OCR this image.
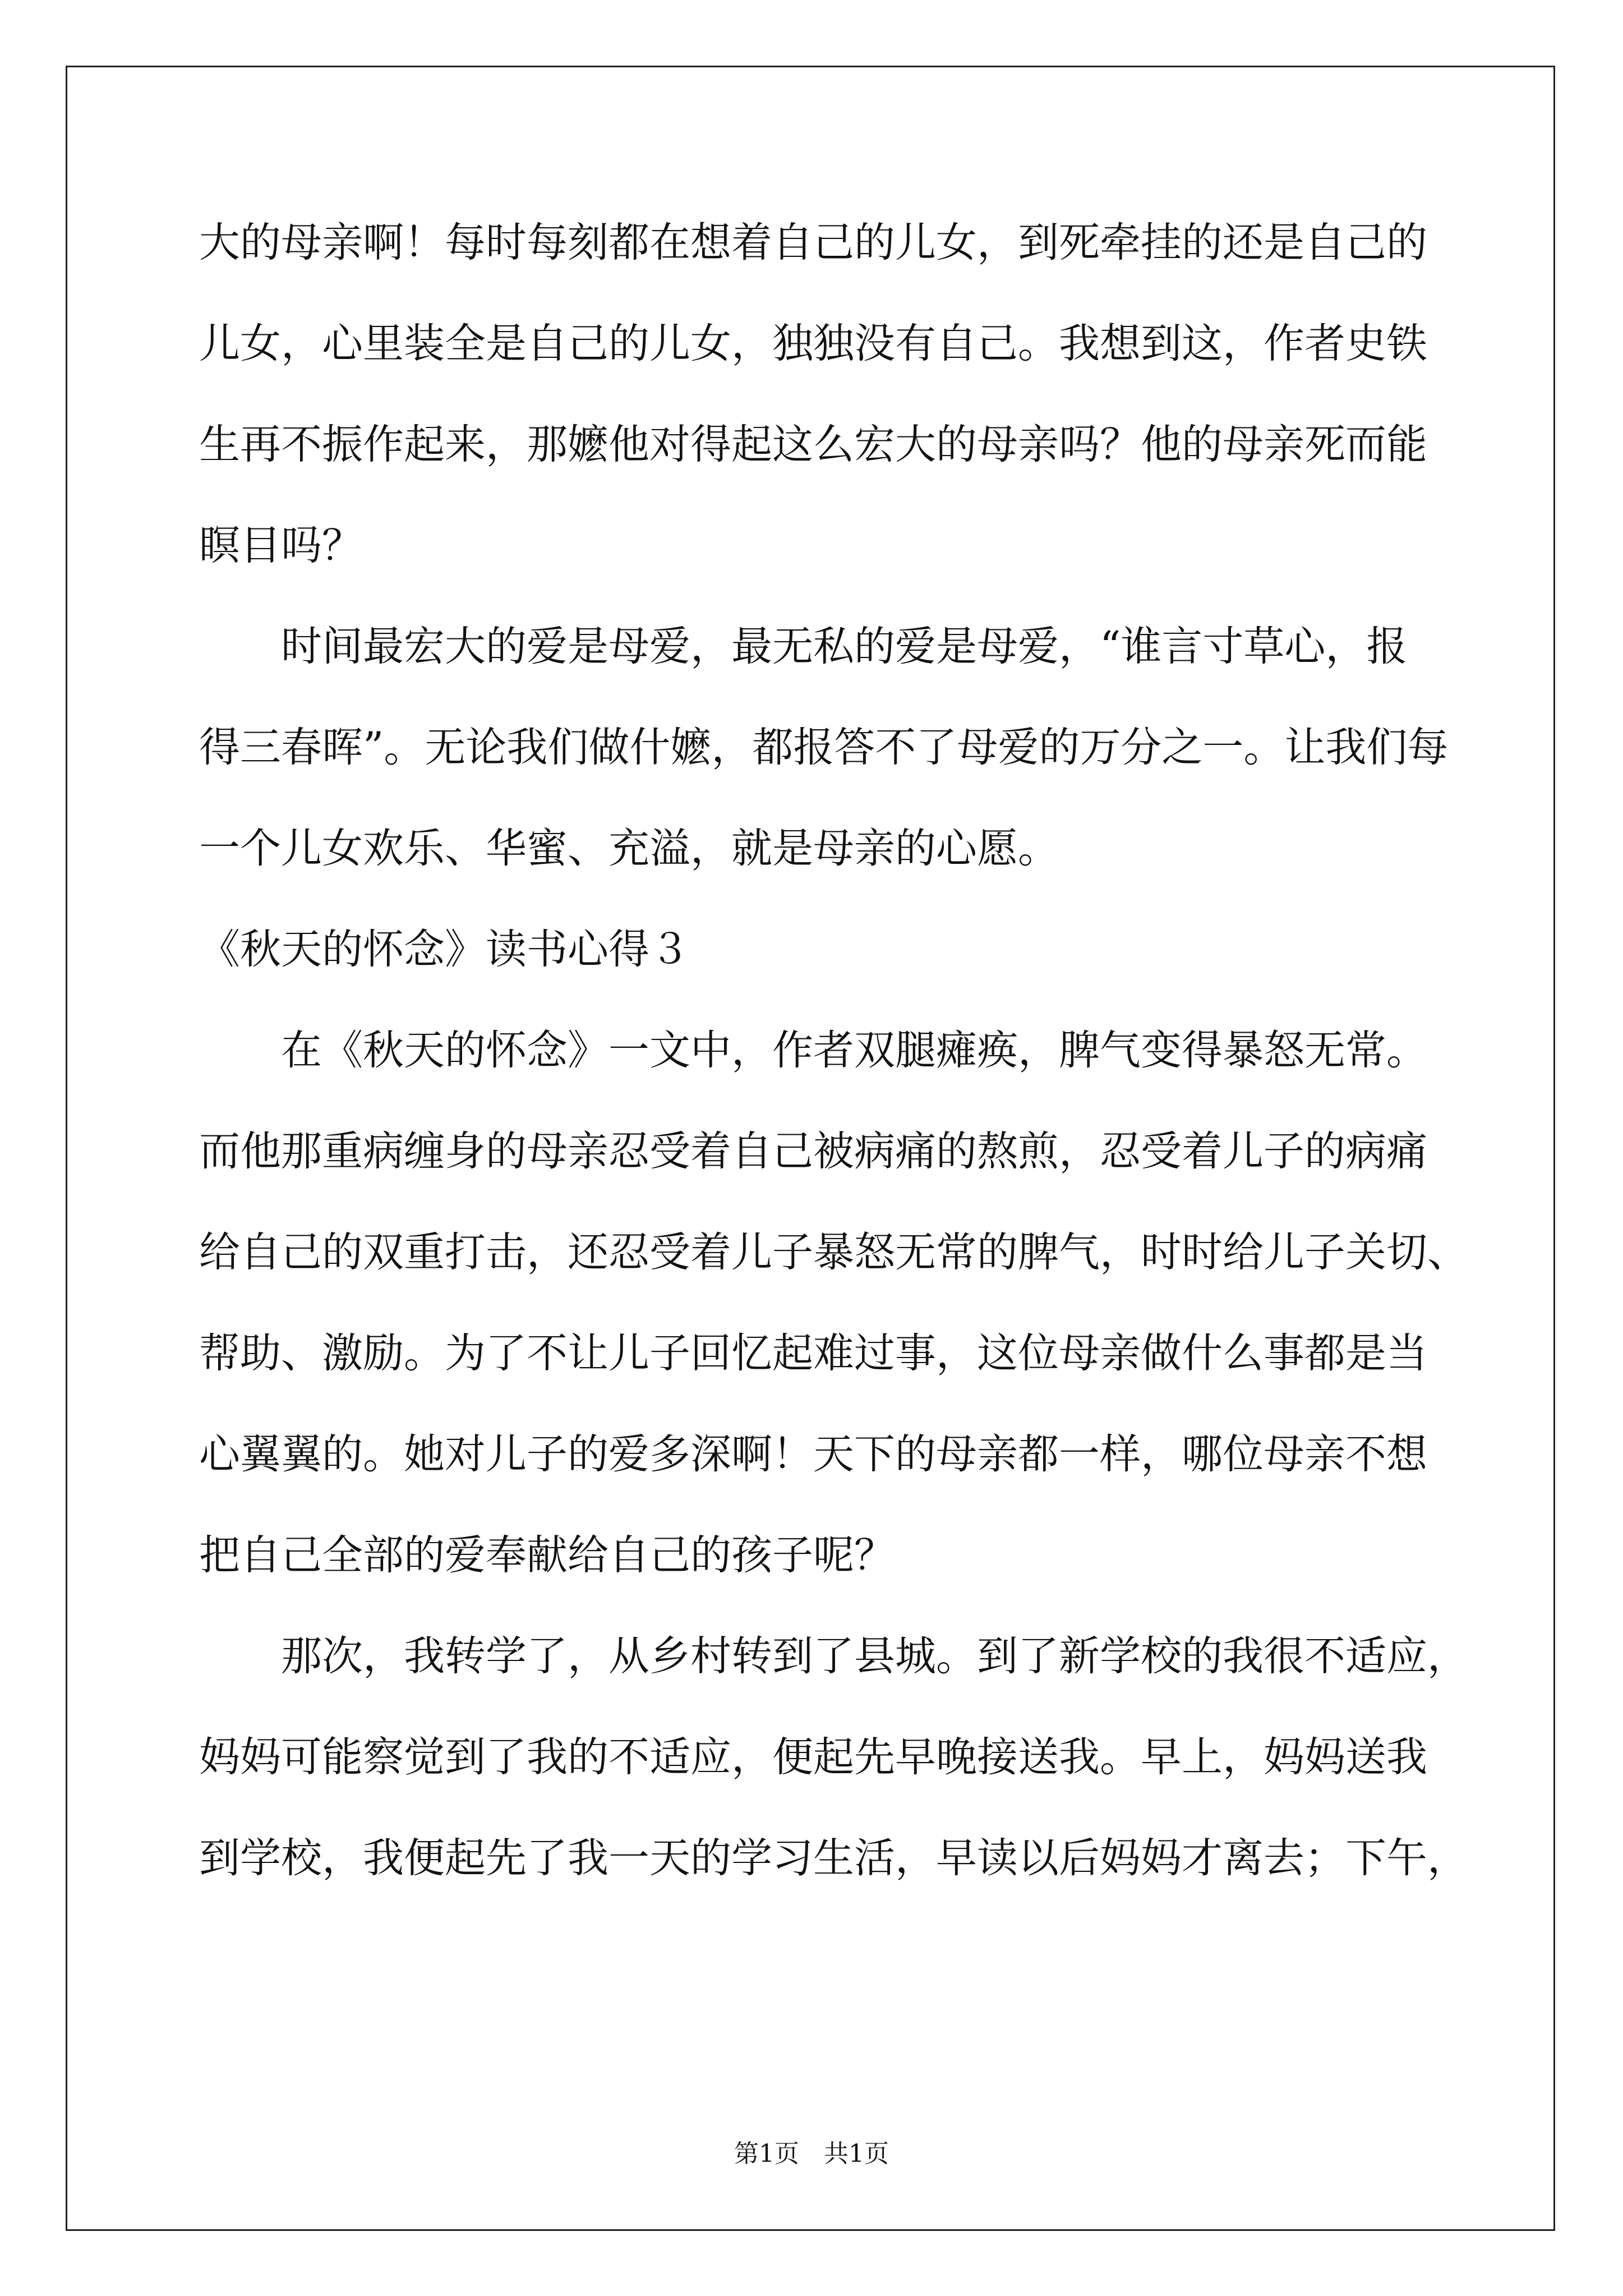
大的母亲啊！每时每刻都在想着自己的儿女，到死牵挂的还是自己的
儿女，心里装全是自己的儿女，独独没有自己。我想到这，作者史铁
生再不振作起来，那嬷他对得起这么宏大的母亲吗？他的母亲死而能
瞑目吗？
　　时间最宏大的爱是母爱，最无私的爱是母爱，“谁言寸草心，报
得三春晖”。无论我们做什嬷，都报答不了母爱的万分之一。让我们每
一个儿女欢乐、华蜜、充溢，就是母亲的心愿。
《秋天的怀念》读书心得３
　　在《秋天的怀念》一文中，作者双腿瘫痪，脾气变得暴怒无常。
而他那重病缠身的母亲忍受着自己被病痛的熬煎，忍受着儿子的病痛
给自己的双重打击，还忍受着儿子暴怒无常的脾气，时时给儿子关切、
帮助、激励。为了不让儿子回忆起难过事，这位母亲做什么事都是当
心翼翼的。她对儿子的爱多深啊！天下的母亲都一样，哪位母亲不想
把自己全部的爱奉献给自己的孩子呢？
　　那次，我转学了，从乡村转到了县城。到了新学校的我很不适应，
妈妈可能察觉到了我的不适应，便起先早晚接送我。早上，妈妈送我
到学校，我便起先了我一天的学习生活，早读以后妈妈才离去；下午，
第1页　共1页
